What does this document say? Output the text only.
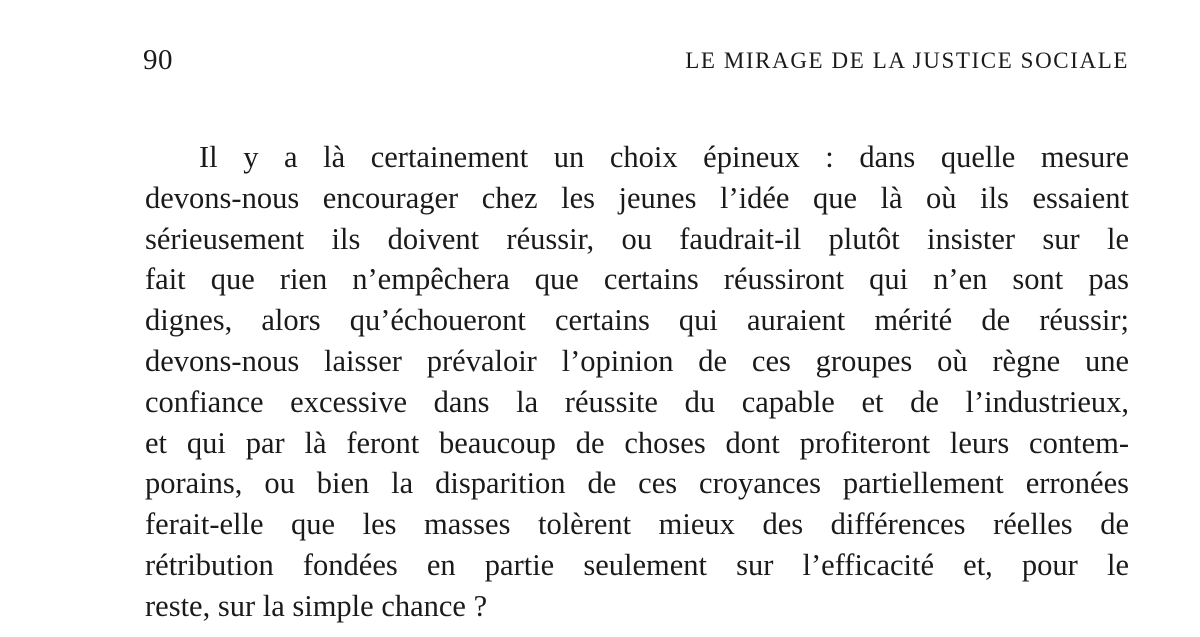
90	LE MIRAGE DE LA JUSTICE SOCIALE
Il y a là certainement un choix épineux : dans quelle mesure
devons-nous encourager chez les jeunes l’idée que là où ils essaient
sérieusement ils doivent réussir, ou faudrait-il plutôt insister sur le
fait que rien n’empêchera que certains réussiront qui n’en sont pas
dignes, alors qu’échoueront certains qui auraient mérité de réussir;
devons-nous laisser prévaloir l’opinion de ces groupes où règne une
confiance excessive dans la réussite du capable et de l’industrieux,
et qui par là feront beaucoup de choses dont profiteront leurs contem-
porains, ou bien la disparition de ces croyances partiellement erronées
ferait-elle que les masses tolèrent mieux des différences réelles de
rétribution fondées en partie seulement sur l’efficacité et, pour le
reste, sur la simple chance ?
